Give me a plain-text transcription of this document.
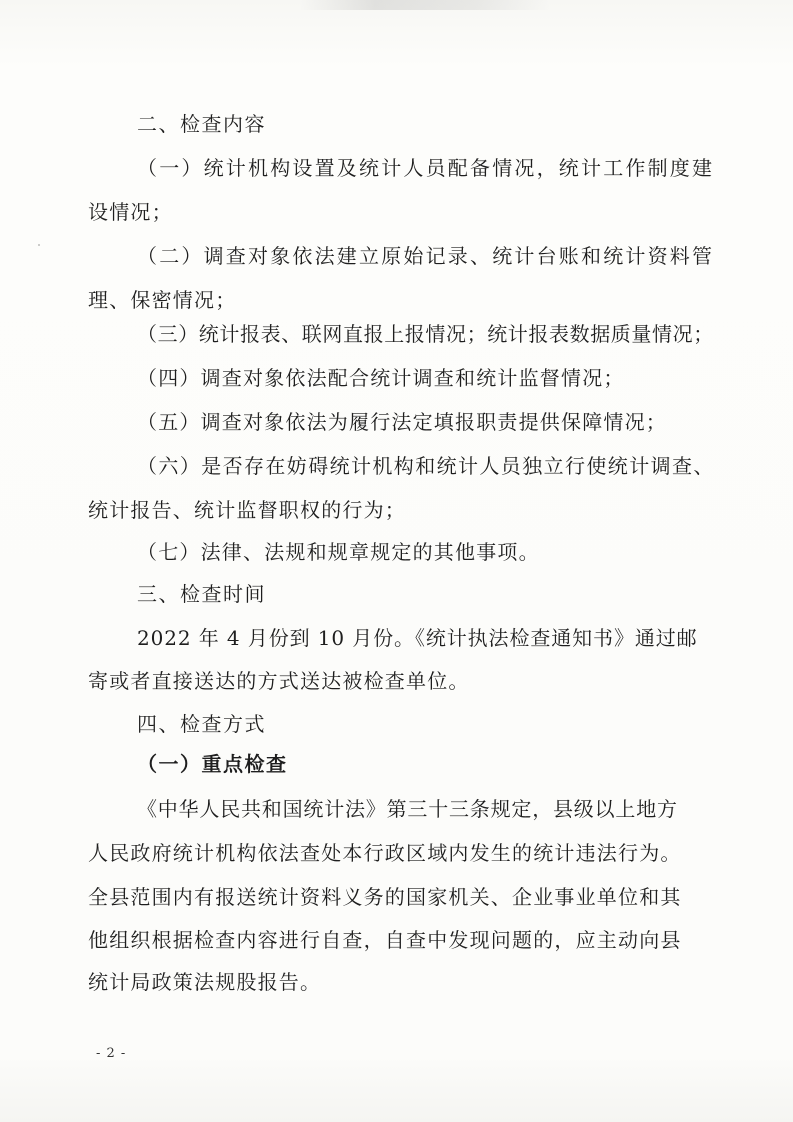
二、检查内容
（一）统计机构设置及统计人员配备情况，统计工作制度建
设情况；
（二）调查对象依法建立原始记录、统计台账和统计资料管
理、保密情况；
（三）统计报表、联网直报上报情况；统计报表数据质量情况；
（四）调查对象依法配合统计调查和统计监督情况；
（五）调查对象依法为履行法定填报职责提供保障情况；
（六）是否存在妨碍统计机构和统计人员独立行使统计调查、
统计报告、统计监督职权的行为；
（七）法律、法规和规章规定的其他事项。
三、检查时间
2022 年 4 月份到 10 月份。《统计执法检查通知书》通过邮
寄或者直接送达的方式送达被检查单位。
四、检查方式
（一）重点检查
《中华人民共和国统计法》第三十三条规定，县级以上地方
人民政府统计机构依法查处本行政区域内发生的统计违法行为。
全县范围内有报送统计资料义务的国家机关、企业事业单位和其
他组织根据检查内容进行自查，自查中发现问题的，应主动向县
统计局政策法规股报告。
- 2 -
